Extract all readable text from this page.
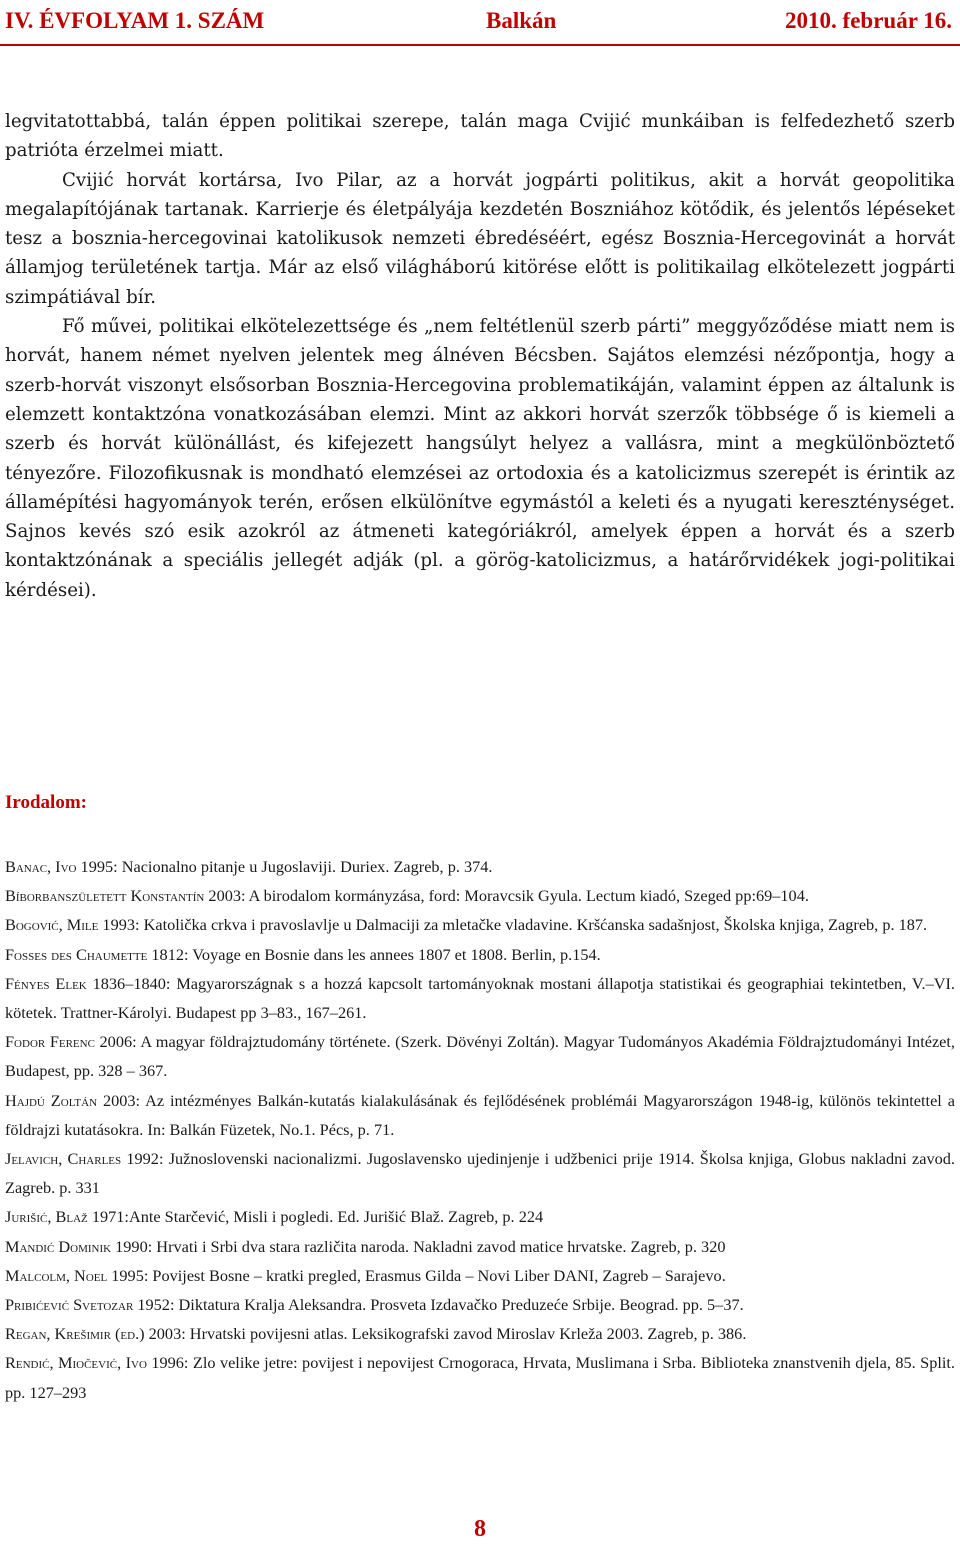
IV. ÉVFOLYAM 1. SZÁM	Balkán	2010. február 16.

legvitatottabbá, talán éppen politikai szerepe, talán maga Cvijić munkáiban is felfedezhető szerb patrióta érzelmei miatt.

Cvijić horvát kortársa, Ivo Pilar, az a horvát jogpárti politikus, akit a horvát geopolitika megalapítójának tartanak. Karrierje és életpályája kezdetén Boszniához kötődik, és jelentős lépéseket tesz a bosznia-hercegovinai katolikusok nemzeti ébredéséért, egész Bosznia-Hercegovinát a horvát államjog területének tartja. Már az első világháború kitörése előtt is politikailag elkötelezett jogpárti szimpátiával bír.

Fő művei, politikai elkötelezettsége és „nem feltétlenül szerb párti” meggyőződése miatt nem is horvát, hanem német nyelven jelentek meg álnéven Bécsben. Sajátos elemzési nézőpontja, hogy a szerb-horvát viszonyt elsősorban Bosznia-Hercegovina problematikáján, valamint éppen az általunk is elemzett kontaktzóna vonatkozásában elemzi. Mint az akkori horvát szerzők többsége ő is kiemeli a szerb és horvát különállást, és kifejezett hangsúlyt helyez a vallásra, mint a megkülönböztető tényezőre. Filozofikusnak is mondható elemzései az ortodoxia és a katolicizmus szerepét is érintik az államépítési hagyományok terén, erősen elkülönítve egymástól a keleti és a nyugati kereszténységet. Sajnos kevés szó esik azokról az átmeneti kategóriákról, amelyek éppen a horvát és a szerb kontaktzónának a speciális jellegét adják (pl. a görög-katolicizmus, a határőrvidékek jogi-politikai kérdései).

Irodalom:

Banac, Ivo 1995: Nacionalno pitanje u Jugoslaviji. Duriex. Zagreb, p. 374.

Bíborbanszületett Konstantín 2003: A birodalom kormányzása, ford: Moravcsik Gyula. Lectum kiadó, Szeged pp:69–104.

Bogović, Mile 1993: Katolička crkva i pravoslavlje u Dalmaciji za mletačke vladavine. Kršćanska sadašnjost, Školska knjiga, Zagreb, p. 187.

Fosses des Chaumette 1812: Voyage en Bosnie dans les annees 1807 et 1808. Berlin, p.154.

Fényes Elek 1836–1840: Magyarországnak s a hozzá kapcsolt tartományoknak mostani állapotja statistikai és geographiai tekintetben, V.–VI. kötetek. Trattner-Károlyi. Budapest pp 3–83., 167–261.

Fodor Ferenc 2006: A magyar földrajztudomány története. (Szerk. Dövényi Zoltán). Magyar Tudományos Akadémia Földrajztudományi Intézet, Budapest, pp. 328 – 367.

Hajdú Zoltán 2003: Az intézményes Balkán-kutatás kialakulásának és fejlődésének problémái Magyarországon 1948-ig, különös tekintettel a földrajzi kutatásokra. In: Balkán Füzetek, No.1. Pécs, p. 71.

Jelavich, Charles 1992: Južnoslovenski nacionalizmi. Jugoslavensko ujedinjenje i udžbenici prije 1914. Školsa knjiga, Globus nakladni zavod. Zagreb. p. 331

Jurišić, Blaž 1971:Ante Starčević, Misli i pogledi. Ed. Jurišić Blaž. Zagreb, p. 224

Mandić Dominik 1990: Hrvati i Srbi dva stara različita naroda. Nakladni zavod matice hrvatske. Zagreb, p. 320

Malcolm, Noel 1995: Povijest Bosne – kratki pregled, Erasmus Gilda – Novi Liber DANI, Zagreb – Sarajevo.

Pribićević Svetozar 1952: Diktatura Kralja Aleksandra. Prosveta Izdavačko Preduzeće Srbije. Beograd. pp. 5–37.

Regan, Krešimir (ed.) 2003: Hrvatski povijesni atlas. Leksikografski zavod Miroslav Krleža 2003. Zagreb, p. 386.

Rendić, Miočević, Ivo 1996: Zlo velike jetre: povijest i nepovijest Crnogoraca, Hrvata, Muslimana i Srba. Biblioteka znanstvenih djela, 85. Split. pp. 127–293

8
